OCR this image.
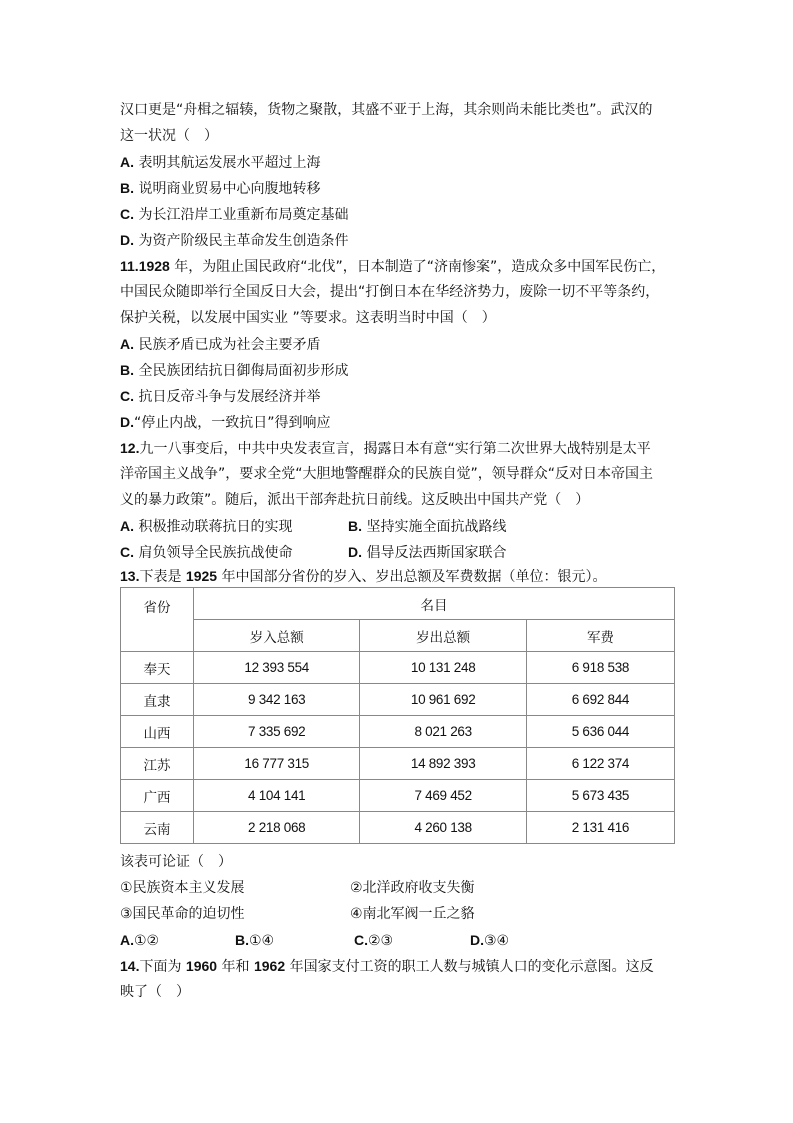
汉口更是“舟楫之辐辏，货物之聚散，其盛不亚于上海，其余则尚未能比类也”。武汉的
这一状况（　）
A. 表明其航运发展水平超过上海
B. 说明商业贸易中心向腹地转移
C. 为长江沿岸工业重新布局奠定基础
D. 为资产阶级民主革命发生创造条件
11.1928 年，为阻止国民政府“北伐”，日本制造了“济南惨案”，造成众多中国军民伤亡，
中国民众随即举行全国反日大会，提出“打倒日本在华经济势力，废除一切不平等条约，
保护关税，以发展中国实业 ”等要求。这表明当时中国（　）
A. 民族矛盾已成为社会主要矛盾
B. 全民族团结抗日御侮局面初步形成
C. 抗日反帝斗争与发展经济并举
D.“停止内战，一致抗日”得到响应
12.九一八事变后，中共中央发表宣言，揭露日本有意“实行第二次世界大战特别是太平
洋帝国主义战争”，要求全党“大胆地警醒群众的民族自觉”，领导群众“反对日本帝国主
义的暴力政策”。随后，派出干部奔赴抗日前线。这反映出中国共产党（　）
A. 积极推动联蒋抗日的实现	B. 坚持实施全面抗战路线
C. 肩负领导全民族抗战使命	D. 倡导反法西斯国家联合
13.下表是 1925 年中国部分省份的岁入、岁出总额及军费数据（单位：银元）。
省份	名目		
	岁入总额	岁出总额	军费
奉天	12 393 554	10 131 248	6 918 538
直隶	9 342 163	10 961 692	6 692 844
山西	7 335 692	8 021 263	5 636 044
江苏	16 777 315	14 892 393	6 122 374
广西	4 104 141	7 469 452	5 673 435
云南	2 218 068	4 260 138	2 131 416
该表可论证（　）
①民族资本主义发展	②北洋政府收支失衡
③国民革命的迫切性	④南北军阀一丘之貉
A.①②	B.①④	C.②③	D.③④
14.下面为 1960 年和 1962 年国家支付工资的职工人数与城镇人口的变化示意图。这反
映了（　）
